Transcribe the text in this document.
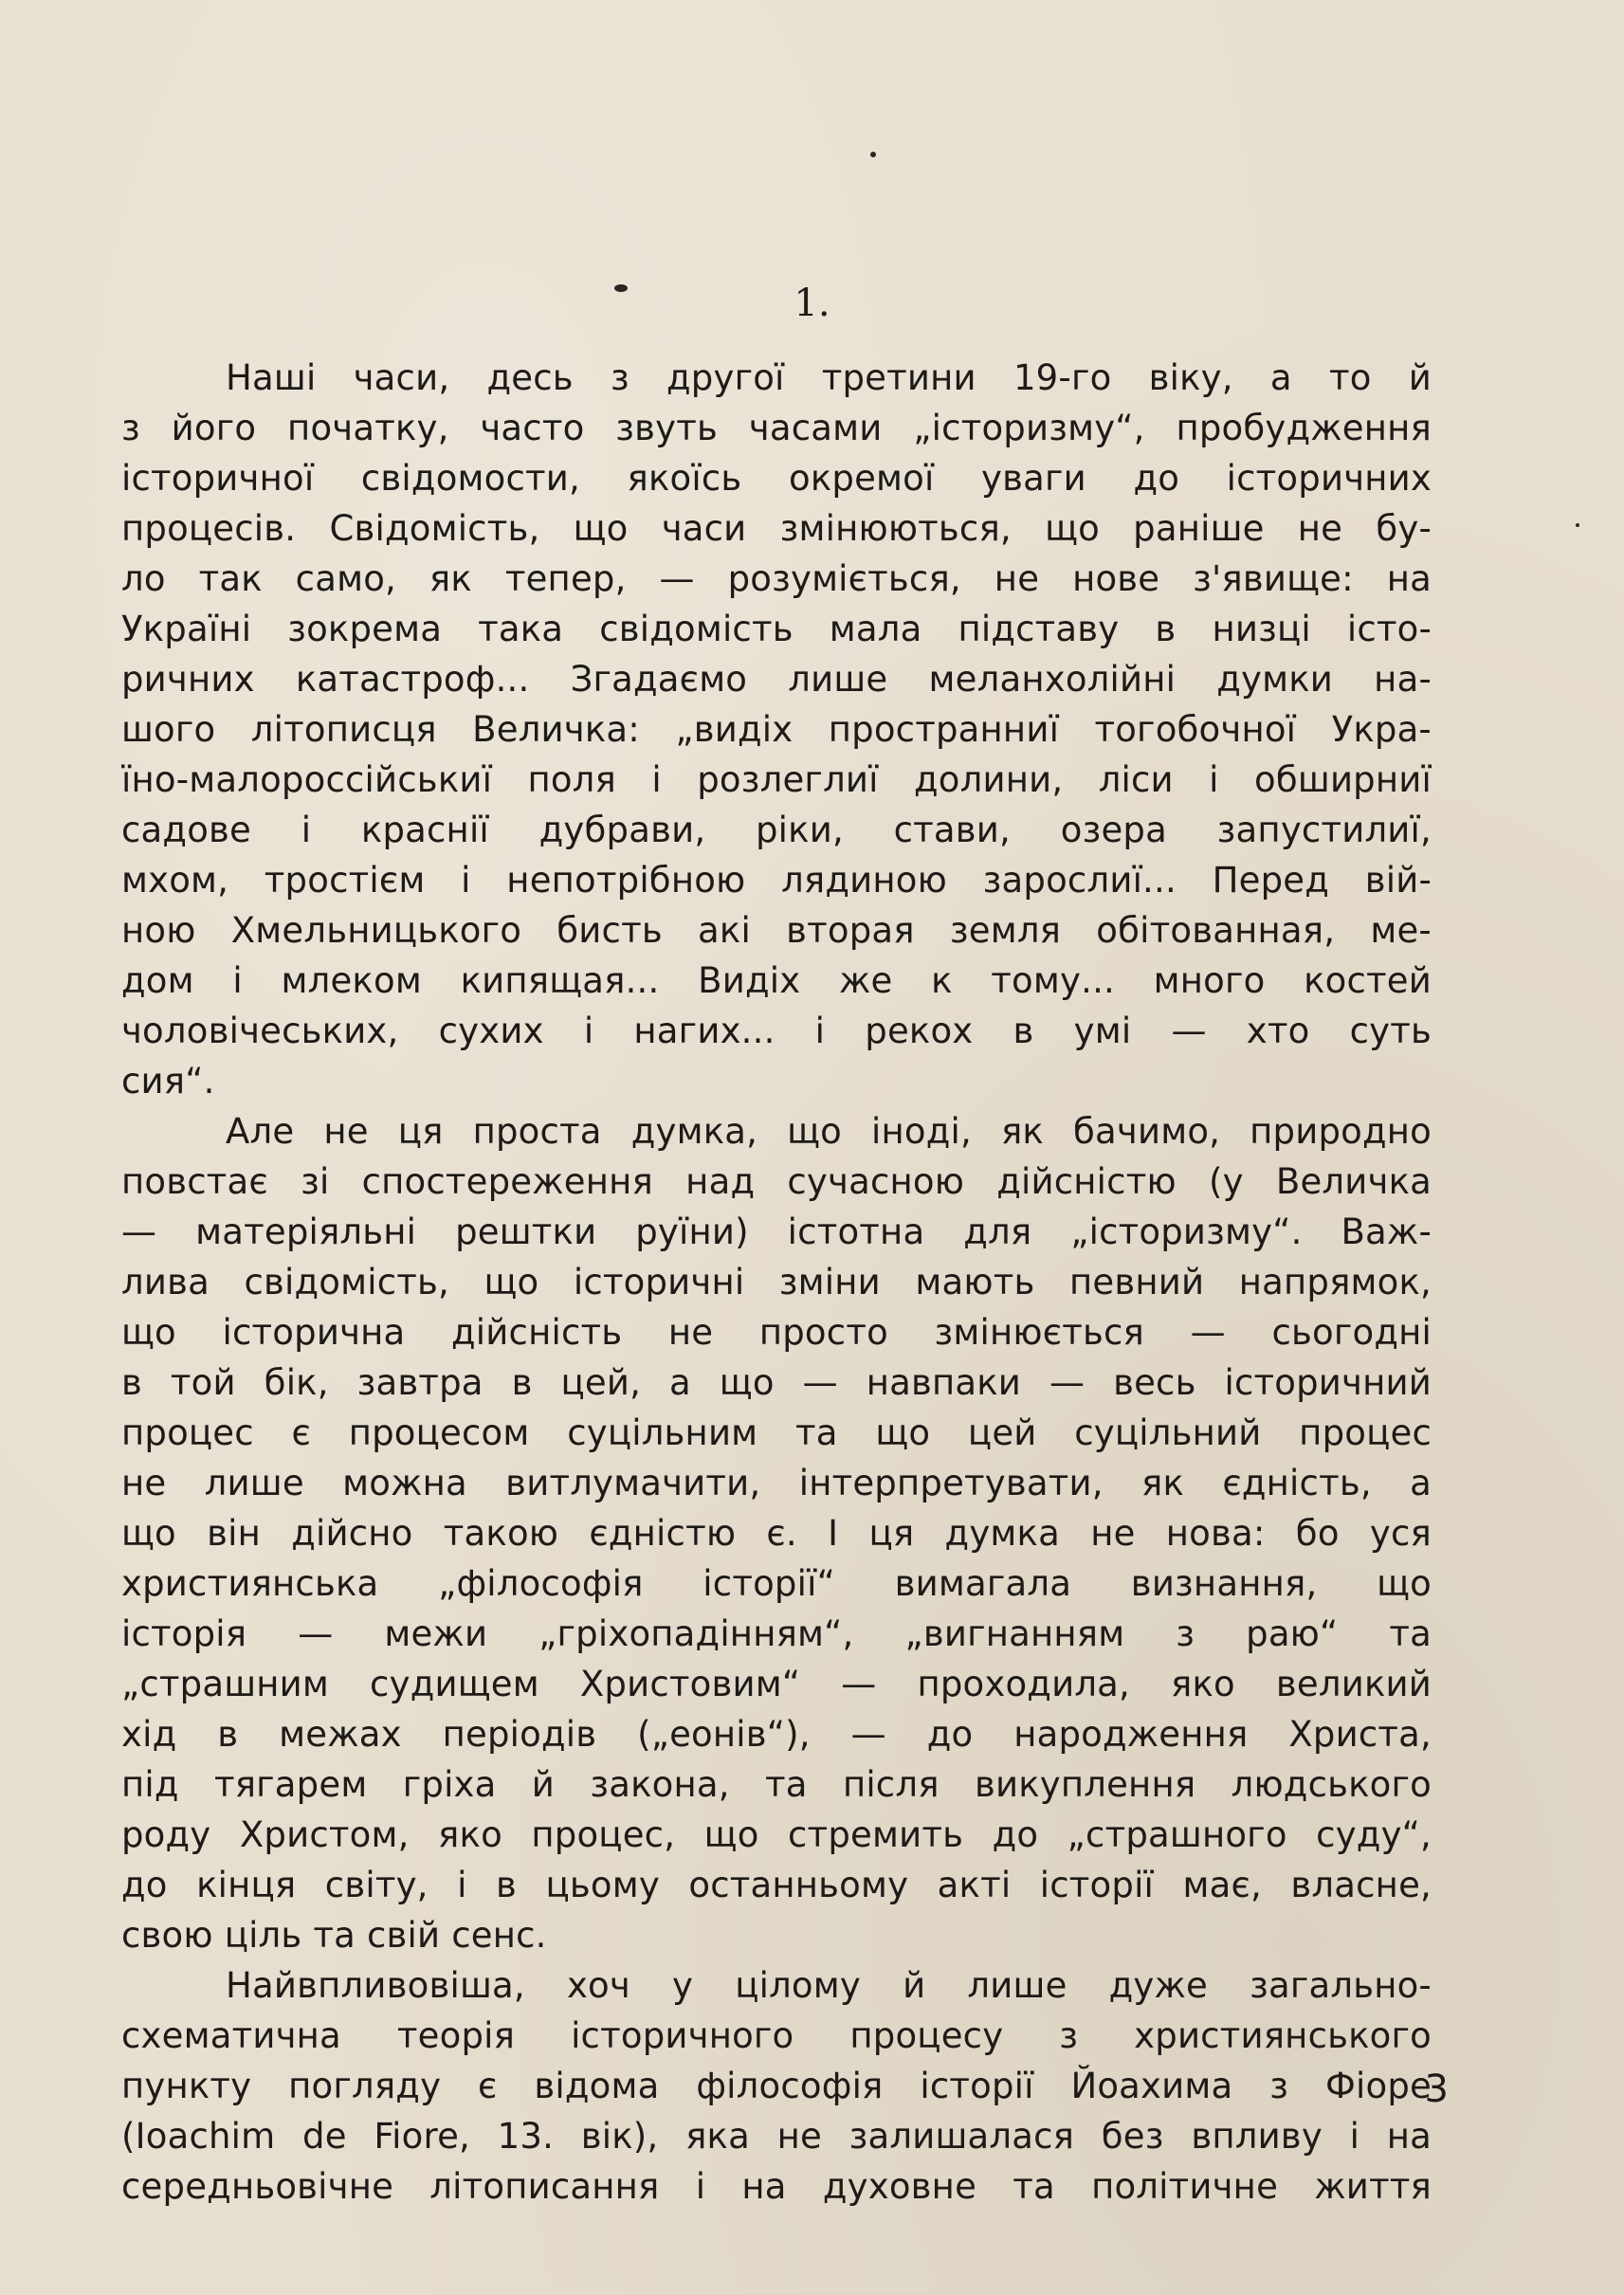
1.
Наші часи, десь з другої третини 19-го віку, а то й
з його початку, часто звуть часами „історизму“, пробудження
історичної свідомости, якоїсь окремої уваги до історичних
процесів. Свідомість, що часи змінюються, що раніше не бу-
ло так само, як тепер, — розуміється, не нове з'явище: на
Україні зокрема така свідомість мала підставу в низці істо-
ричних катастроф... Згадаємо лише меланхолійні думки на-
шого літописця Величка: „видіх пространниї тогобочної Укра-
їно-малороссійськиї поля і розлеглиї долини, ліси і обширниї
садове і краснії дубрави, ріки, стави, озера запустилиї,
мхом, тростієм і непотрібною лядиною зарослиї... Перед вій-
ною Хмельницького бисть акі вторая земля обітованная, ме-
дом і млеком кипящая... Видіх же к тому... много костей
чоловічеськиx, сухих і нагих... і рекох в умі — хто суть
сия“.
Але не ця проста думка, що іноді, як бачимо, природно
повстає зі спостереження над сучасною дійсністю (у Величка
— матеріяльні рештки руїни) істотна для „історизму“. Важ-
лива свідомість, що історичні зміни мають певний напрямок,
що історична дійсність не просто змінюється — сьогодні
в той бік, завтра в цей, а що — навпаки — весь історичний
процес є процесом суцільним та що цей суцільний процес
не лише можна витлумачити, інтерпретувати, як єдність, а
що він дійсно такою єдністю є. І ця думка не нова: бо уся
християнська „філософія історії“ вимагала визнання, що
історія — межи „гріхопадінням“, „вигнанням з раю“ та
„страшним судищем Христовим“ — проходила, яко великий
хід в межах періодів („еонів“), — до народження Христа,
під тягарем гріха й закона, та після викуплення людського
роду Христом, яко процес, що стремить до „страшного суду“,
до кінця світу, і в цьому останньому акті історії має, власне,
свою ціль та свій сенс.
Найвпливовіша, хоч у цілому й лише дуже загально-
схематична теорія історичного процесу з християнського
пункту погляду є відома філософія історії Йоахима з Фіоре
(Ioachim de Fiore, 13. вік), яка не залишалася без впливу і на
середньовічне літописання і на духовне та політичне життя
3
